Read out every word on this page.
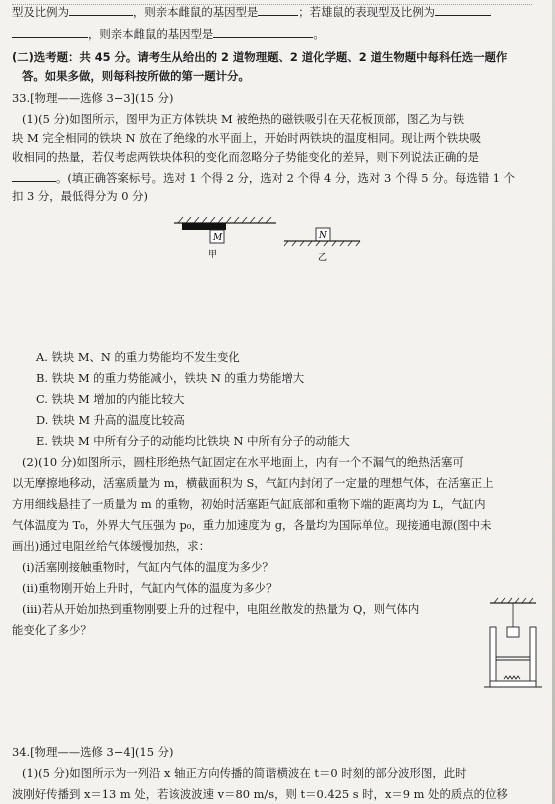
型及比例为	，则亲本雌鼠的基因型是	；若雄鼠的表现型及比例为
，则亲本雌鼠的基因型是	。
(二)选考题：共 45 分。请考生从给出的 2 道物理题、2 道化学题、2 道生物题中每科任选一题作
答。如果多做，则每科按所做的第一题计分。
33.[物理——选修 3−3](15 分)
(1)(5 分)如图所示，图甲为正方体铁块 M 被绝热的磁铁吸引在天花板顶部，图乙为与铁
块 M 完全相同的铁块 N 放在了绝缘的水平面上，开始时两铁块的温度相同。现让两个铁块吸
收相同的热量，若仅考虑两铁块体积的变化而忽略分子势能变化的差异，则下列说法正确的是
。(填正确答案标号。选对 1 个得 2 分，选对 2 个得 4 分，选对 3 个得 5 分。每选错 1 个
扣 3 分，最低得分为 0 分)
M
甲
N
乙
A. 铁块 M、N 的重力势能均不发生变化
B. 铁块 M 的重力势能减小，铁块 N 的重力势能增大
C. 铁块 M 增加的内能比较大
D. 铁块 M 升高的温度比较高
E. 铁块 M 中所有分子的动能均比铁块 N 中所有分子的动能大
(2)(10 分)如图所示，圆柱形绝热气缸固定在水平地面上，内有一个不漏气的绝热活塞可
以无摩擦地移动，活塞质量为 m，横截面积为 S，气缸内封闭了一定量的理想气体，在活塞正上
方用细线悬挂了一质量为 m 的重物，初始时活塞距气缸底部和重物下端的距离均为 L，气缸内
气体温度为 T₀，外界大气压强为 p₀，重力加速度为 g，各量均为国际单位。现接通电源(图中未
画出)通过电阻丝给气体缓慢加热，求：
(ⅰ)活塞刚接触重物时，气缸内气体的温度为多少？
(ⅱ)重物刚开始上升时，气缸内气体的温度为多少？
(ⅲ)若从开始加热到重物刚要上升的过程中，电阻丝散发的热量为 Q，则气体内
能变化了多少？
34.[物理——选修 3−4](15 分)
(1)(5 分)如图所示为一列沿 x 轴正方向传播的简谐横波在 t＝0 时刻的部分波形图，此时
波刚好传播到 x＝13 m 处，若该波波速 v＝80 m/s，则 t＝0.425 s 时，x＝9 m 处的质点的位移
